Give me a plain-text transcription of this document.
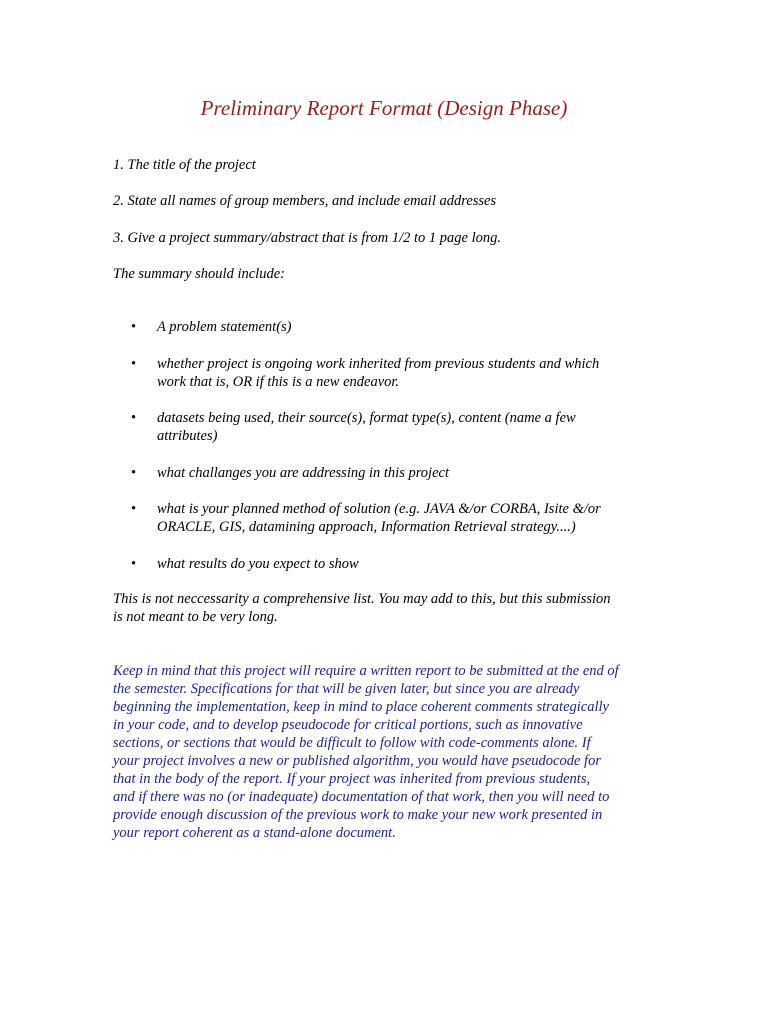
Preliminary Report Format (Design Phase)
1. The title of the project
2. State all names of group members, and include email addresses
3. Give a project summary/abstract that is from 1/2 to 1 page long.
The summary should include:
• A problem statement(s)
• whether project is ongoing work inherited from previous students and which
work that is, OR if this is a new endeavor.
• datasets being used, their source(s), format type(s), content (name a few
attributes)
• what challanges you are addressing in this project
• what is your planned method of solution (e.g. JAVA &/or CORBA, Isite &/or
ORACLE, GIS, datamining approach, Information Retrieval strategy....)
• what results do you expect to show
This is not neccessarity a comprehensive list. You may add to this, but this submission
is not meant to be very long.
Keep in mind that this project will require a written report to be submitted at the end of
the semester. Specifications for that will be given later, but since you are already
beginning the implementation, keep in mind to place coherent comments strategically
in your code, and to develop pseudocode for critical portions, such as innovative
sections, or sections that would be difficult to follow with code-comments alone. If
your project involves a new or published algorithm, you would have pseudocode for
that in the body of the report. If your project was inherited from previous students,
and if there was no (or inadequate) documentation of that work, then you will need to
provide enough discussion of the previous work to make your new work presented in
your report coherent as a stand-alone document.
